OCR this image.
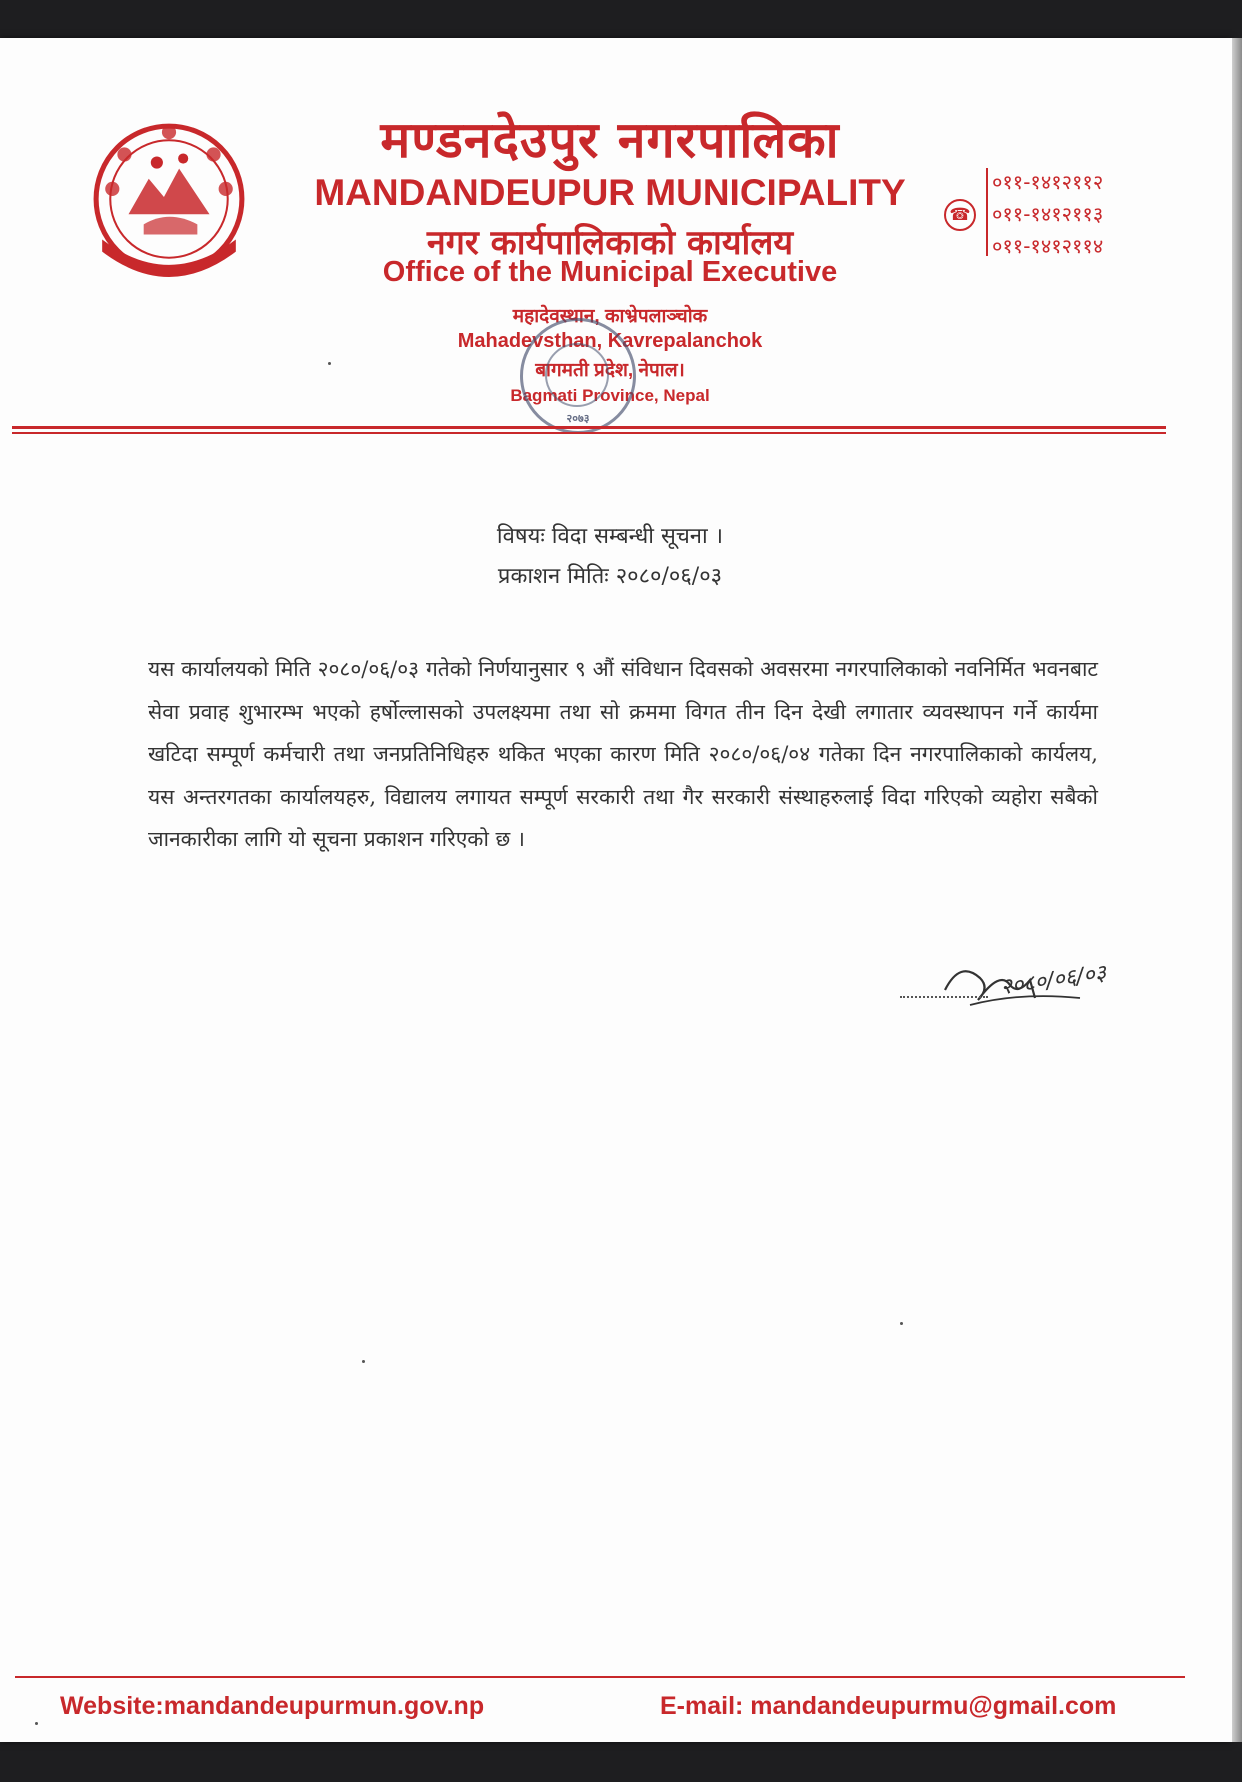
मण्डनदेउपुर नगरपालिका
MANDANDEUPUR MUNICIPALITY
नगर कार्यपालिकाको कार्यालय
Office of the Municipal Executive
महादेवस्थान, काभ्रेपलाञ्चोक
Mahadevsthan, Kavrepalanchok
बागमती प्रदेश, नेपाल।
Bagmati Province, Nepal
२०७३
☎
०११-१४१२११२
०११-१४१२११३
०११-१४१२११४
विषयः विदा सम्बन्धी सूचना ।
प्रकाशन मितिः २०८०/०६/०३
यस कार्यालयको मिति २०८०/०६/०३ गतेको निर्णयानुसार ९ औं संविधान दिवसको अवसरमा नगरपालिकाको नवनिर्मित भवनबाट सेवा प्रवाह शुभारम्भ भएको हर्षोल्लासको उपलक्ष्यमा तथा सो क्रममा विगत तीन दिन देखी लगातार व्यवस्थापन गर्ने कार्यमा खटिदा सम्पूर्ण कर्मचारी तथा जनप्रतिनिधिहरु थकित भएका कारण मिति २०८०/०६/०४ गतेका दिन नगरपालिकाको कार्यलय, यस अन्तरगतका कार्यालयहरु, विद्यालय लगायत सम्पूर्ण सरकारी तथा गैर सरकारी संस्थाहरुलाई विदा गरिएको व्यहोरा सबैको जानकारीका लागि यो सूचना प्रकाशन गरिएको छ ।
२०८०/०६/०३
Website:mandandeupurmun.gov.np	E-mail: mandandeupurmu@gmail.com
